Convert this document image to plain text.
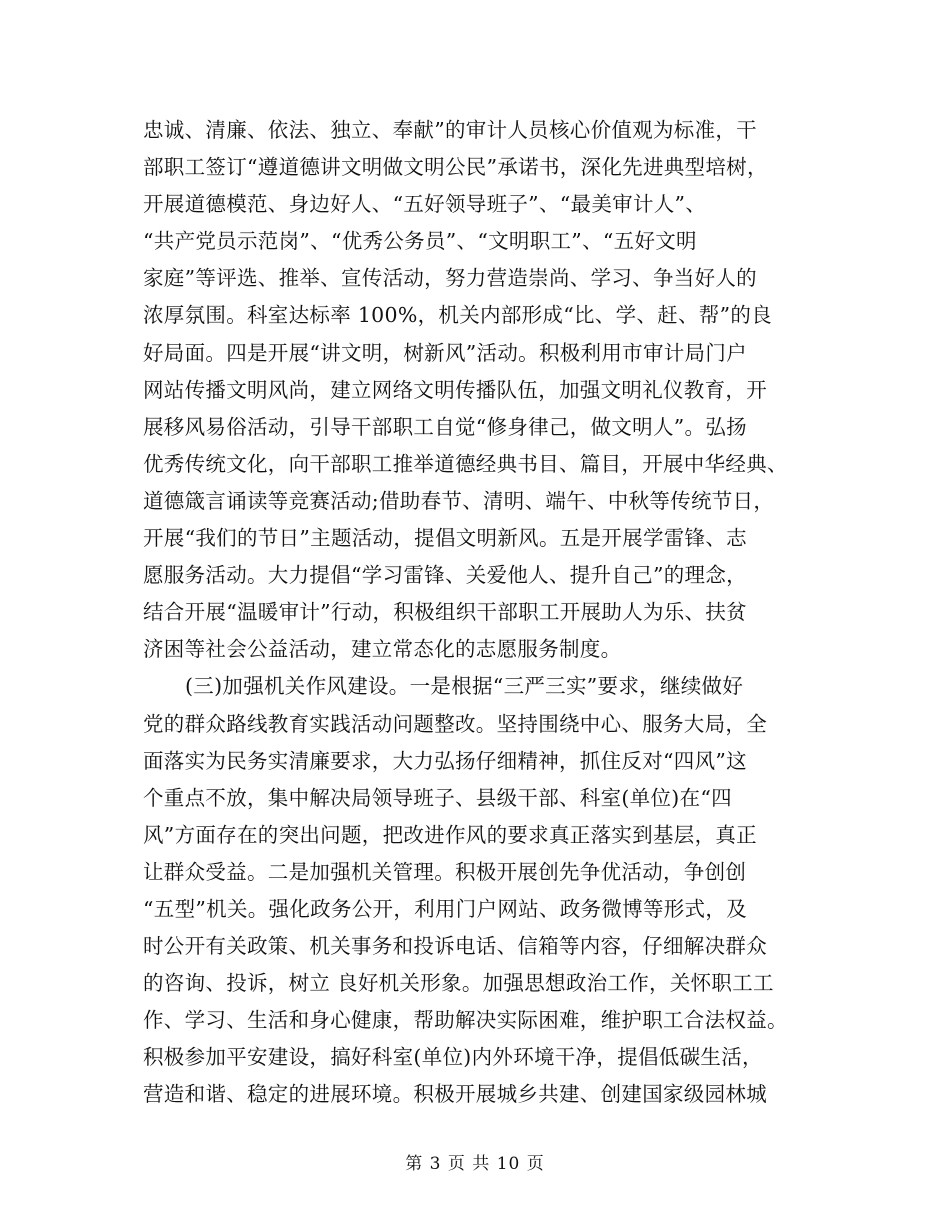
忠诚、清廉、依法、独立、奉献”的审计人员核心价值观为标准，干
部职工签订“遵道德讲文明做文明公民”承诺书，深化先进典型培树，
开展道德模范、身边好人、“五好领导班子”、“最美审计人”、
“共产党员示范岗”、“优秀公务员”、“文明职工”、“五好文明
家庭”等评选、推举、宣传活动，努力营造崇尚、学习、争当好人的
浓厚氛围。科室达标率 100%，机关内部形成“比、学、赶、帮”的良
好局面。四是开展“讲文明，树新风”活动。积极利用市审计局门户
网站传播文明风尚，建立网络文明传播队伍，加强文明礼仪教育，开
展移风易俗活动，引导干部职工自觉“修身律己，做文明人”。弘扬
优秀传统文化，向干部职工推举道德经典书目、篇目，开展中华经典、
道德箴言诵读等竞赛活动;借助春节、清明、端午、中秋等传统节日，
开展“我们的节日”主题活动，提倡文明新风。五是开展学雷锋、志
愿服务活动。大力提倡“学习雷锋、关爱他人、提升自己”的理念，
结合开展“温暖审计”行动，积极组织干部职工开展助人为乐、扶贫
济困等社会公益活动，建立常态化的志愿服务制度。
(三)加强机关作风建设。一是根据“三严三实”要求，继续做好
党的群众路线教育实践活动问题整改。坚持围绕中心、服务大局，全
面落实为民务实清廉要求，大力弘扬仔细精神，抓住反对“四风”这
个重点不放，集中解决局领导班子、县级干部、科室(单位)在“四
风”方面存在的突出问题，把改进作风的要求真正落实到基层，真正
让群众受益。二是加强机关管理。积极开展创先争优活动，争创创
“五型”机关。强化政务公开，利用门户网站、政务微博等形式，及
时公开有关政策、机关事务和投诉电话、信箱等内容，仔细解决群众
的咨询、投诉，树立 良好机关形象。加强思想政治工作，关怀职工工
作、学习、生活和身心健康，帮助解决实际困难，维护职工合法权益。
积极参加平安建设，搞好科室(单位)内外环境干净，提倡低碳生活，
营造和谐、稳定的进展环境。积极开展城乡共建、创建国家级园林城
第 3 页 共 10 页
